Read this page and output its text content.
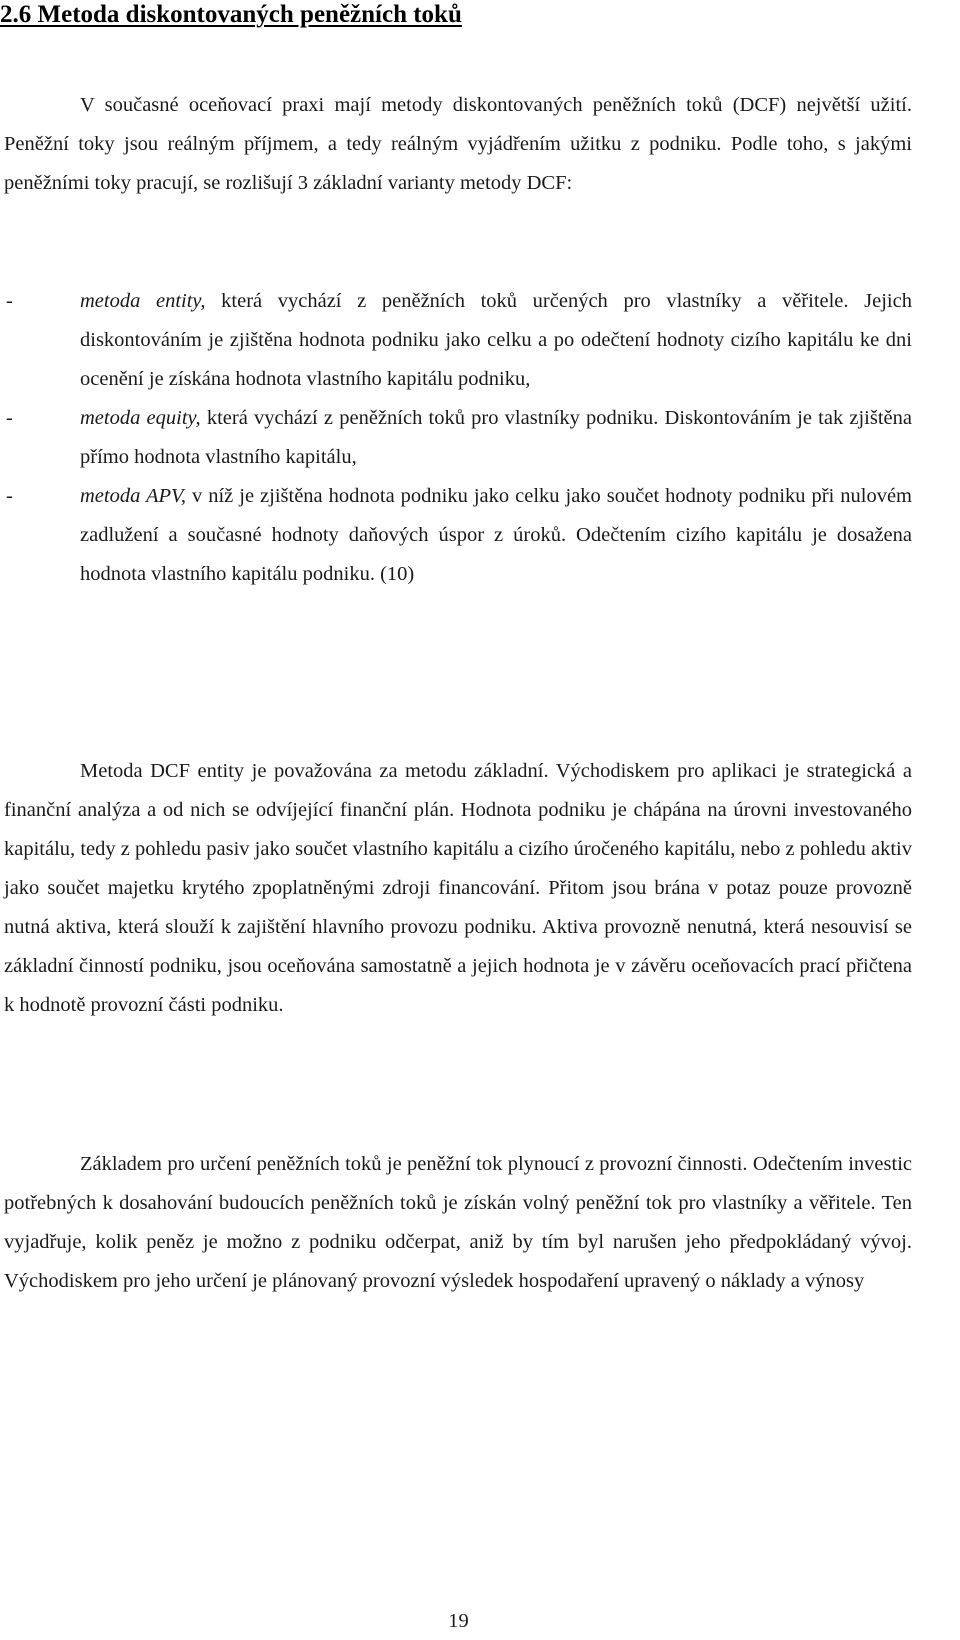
2.6 Metoda diskontovaných peněžních toků

V současné oceňovací praxi mají metody diskontovaných peněžních toků (DCF) největší užití. Peněžní toky jsou reálným příjmem, a tedy reálným vyjádřením užitku z podniku. Podle toho, s jakými peněžními toky pracují, se rozlišují 3 základní varianty metody DCF:

-	metoda entity, která vychází z peněžních toků určených pro vlastníky a věřitele. Jejich diskontováním je zjištěna hodnota podniku jako celku a po odečtení hodnoty cizího kapitálu ke dni ocenění je získána hodnota vlastního kapitálu podniku,
-	metoda equity, která vychází z peněžních toků pro vlastníky podniku. Diskontováním je tak zjištěna přímo hodnota vlastního kapitálu,
-	metoda APV, v níž je zjištěna hodnota podniku jako celku jako součet hodnoty podniku při nulovém zadlužení a současné hodnoty daňových úspor z úroků. Odečtením cizího kapitálu je dosažena hodnota vlastního kapitálu podniku. (10)

Metoda DCF entity je považována za metodu základní. Východiskem pro aplikaci je strategická a finanční analýza a od nich se odvíjející finanční plán. Hodnota podniku je chápána na úrovni investovaného kapitálu, tedy z pohledu pasiv jako součet vlastního kapitálu a cizího úročeného kapitálu, nebo z pohledu aktiv jako součet majetku krytého zpoplatněnými zdroji financování. Přitom jsou brána v potaz pouze provozně nutná aktiva, která slouží k zajištění hlavního provozu podniku. Aktiva provozně nenutná, která nesouvisí se základní činností podniku, jsou oceňována samostatně a jejich hodnota je v závěru oceňovacích prací přičtena k hodnotě provozní části podniku.

Základem pro určení peněžních toků je peněžní tok plynoucí z provozní činnosti. Odečtením investic potřebných k dosahování budoucích peněžních toků je získán volný peněžní tok pro vlastníky a věřitele. Ten vyjadřuje, kolik peněz je možno z podniku odčerpat, aniž by tím byl narušen jeho předpokládaný vývoj. Východiskem pro jeho určení je plánovaný provozní výsledek hospodaření upravený o náklady a výnosy

19
